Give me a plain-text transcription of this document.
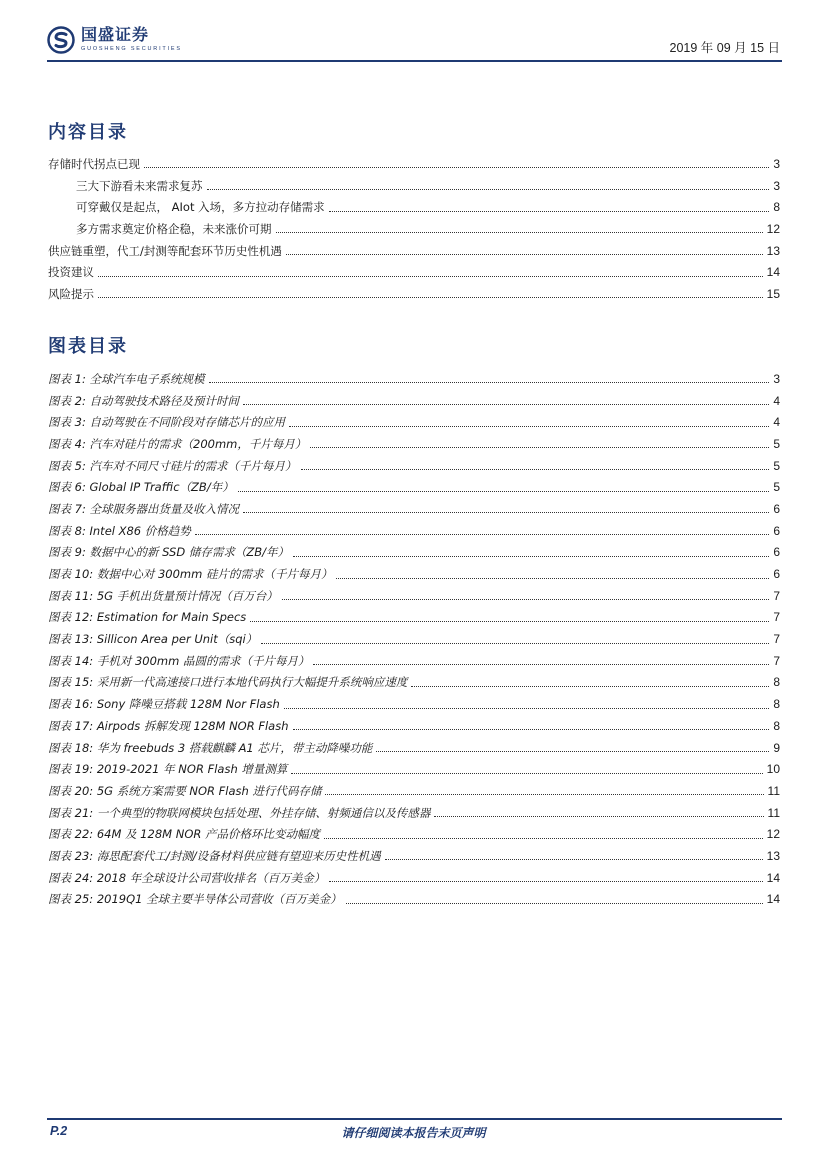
国盛证券
GUOSHENG SECURITIES	2019 年 09 月 15 日
内容目录
存储时代拐点已现	3
三大下游看未来需求复苏	3
可穿戴仅是起点， AIot 入场，多方拉动存储需求	8
多方需求奠定价格企稳，未来涨价可期	12
供应链重塑，代工/封测等配套环节历史性机遇	13
投资建议	14
风险提示	15
图表目录
图表 1: 全球汽车电子系统规模	3
图表 2: 自动驾驶技术路径及预计时间	4
图表 3: 自动驾驶在不同阶段对存储芯片的应用	4
图表 4: 汽车对硅片的需求（200mm，千片每月）	5
图表 5: 汽车对不同尺寸硅片的需求（千片每月）	5
图表 6: Global IP Traffic（ZB/年）	5
图表 7: 全球服务器出货量及收入情况	6
图表 8: Intel X86 价格趋势	6
图表 9: 数据中心的新 SSD 储存需求（ZB/年）	6
图表 10: 数据中心对 300mm 硅片的需求（千片每月）	6
图表 11: 5G 手机出货量预计情况（百万台）	7
图表 12: Estimation for Main Specs	7
图表 13: Sillicon Area per Unit（sqi）	7
图表 14: 手机对 300mm 晶圆的需求（千片每月）	7
图表 15: 采用新一代高速接口进行本地代码执行大幅提升系统响应速度	8
图表 16: Sony 降噪豆搭载 128M Nor Flash	8
图表 17: Airpods 拆解发现 128M NOR Flash	8
图表 18: 华为 freebuds 3 搭载麒麟 A1 芯片，带主动降噪功能	9
图表 19: 2019-2021 年 NOR Flash 增量测算	10
图表 20: 5G 系统方案需要 NOR Flash 进行代码存储	11
图表 21: 一个典型的物联网模块包括处理、外挂存储、射频通信以及传感器	11
图表 22: 64M 及 128M NOR 产品价格环比变动幅度	12
图表 23: 海思配套代工/封测/设备材料供应链有望迎来历史性机遇	13
图表 24: 2018 年全球设计公司营收排名（百万美金）	14
图表 25: 2019Q1 全球主要半导体公司营收（百万美金）	14
请仔细阅读本报告末页声明
P.2
